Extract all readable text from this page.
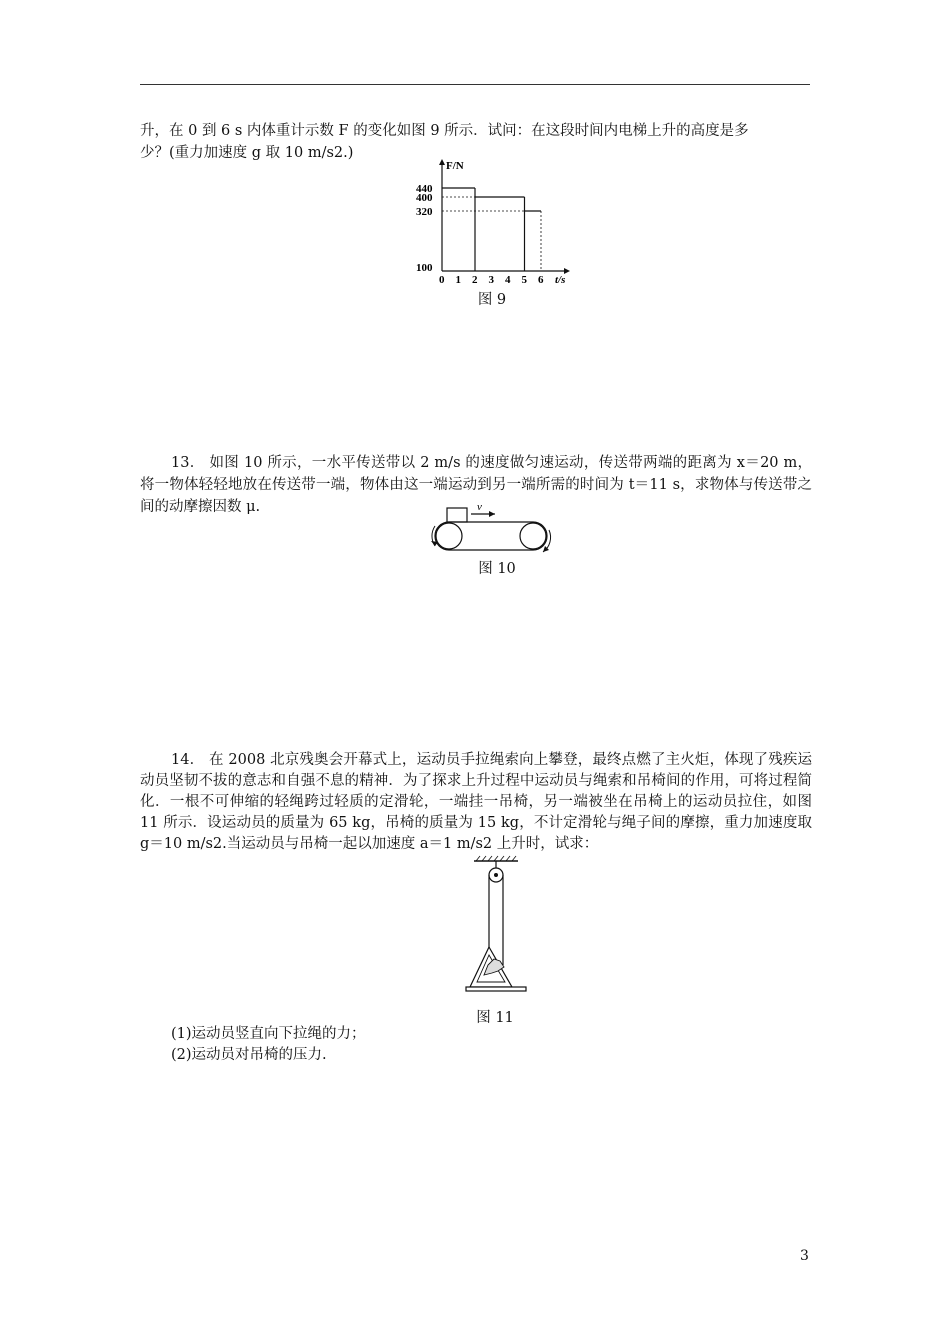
升，在 0 到 6 s 内体重计示数 F 的变化如图 9 所示．试问：在这段时间内电梯上升的高度是多
少？(重力加速度 g 取 10 m/s2.)
F/N
t/s
440
400
320
100
0 1 2 3 4 5 6
图 9
13． 如图 10 所示，一水平传送带以 2 m/s 的速度做匀速运动，传送带两端的距离为 x＝20 m，将一物体轻轻地放在传送带一端，物体由这一端运动到另一端所需的时间为 t＝11 s，求物体与传送带之间的动摩擦因数 μ.	v
图 10
14． 在 2008 北京残奥会开幕式上，运动员手拉绳索向上攀登，最终点燃了主火炬，体现了残疾运动员坚韧不拔的意志和自强不息的精神．为了探求上升过程中运动员与绳索和吊椅间的作用，可将过程简化．一根不可伸缩的轻绳跨过轻质的定滑轮，一端挂一吊椅，另一端被坐在吊椅上的运动员拉住，如图 11 所示．设运动员的质量为 65 kg，吊椅的质量为 15 kg，不计定滑轮与绳子间的摩擦，重力加速度取 g＝10 m/s2.当运动员与吊椅一起以加速度 a＝1 m/s2 上升时，试求：
图 11
(1)运动员竖直向下拉绳的力；
(2)运动员对吊椅的压力.
3
